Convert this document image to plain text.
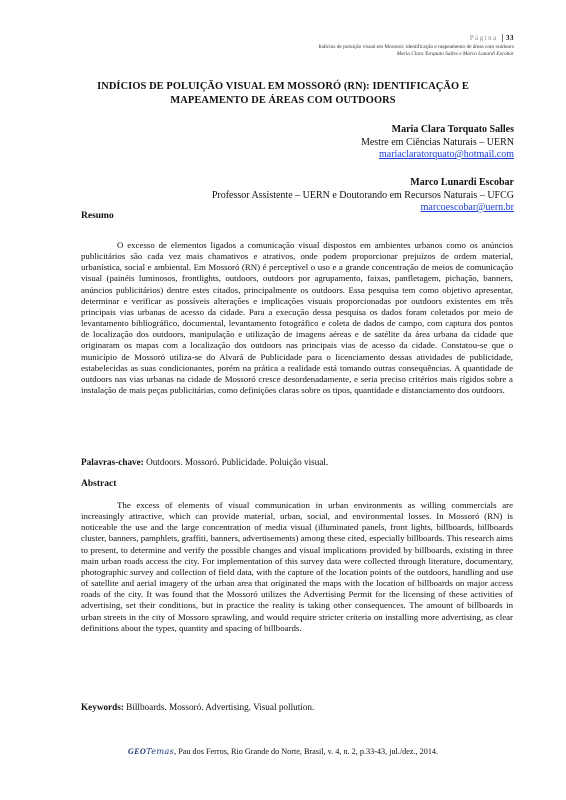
Página 33
Indícios de poluição visual em Mossoró: identificação e mapeamento de áreas com outdoors
Maria Clara Torquato Salles e Marco Lunardi Escobar
INDÍCIOS DE POLUIÇÃO VISUAL EM MOSSORÓ (RN): IDENTIFICAÇÃO E
MAPEAMENTO DE ÁREAS COM OUTDOORS
Maria Clara Torquato Salles
Mestre em Ciências Naturais – UERN
mariaclaratorquato@hotmail.com
Marco Lunardi Escobar
Professor Assistente – UERN e Doutorando em Recursos Naturais – UFCG
marcoescobar@uern.br
Resumo
O excesso de elementos ligados a comunicação visual dispostos em ambientes urbanos como os anúncios publicitários são cada vez mais chamativos e atrativos, onde podem proporcionar prejuízos de ordem material, urbanística, social e ambiental. Em Mossoró (RN) é perceptível o uso e a grande concentração de meios de comunicação visual (painéis luminosos, frontlights, outdoors, outdoors por agrupamento, faixas, panfletagem, pichação, banners, anúncios publicitários) dentre estes citados, principalmente os outdoors. Essa pesquisa tem como objetivo apresentar, determinar e verificar as possíveis alterações e implicações visuais proporcionadas por outdoors existentes em três principais vias urbanas de acesso da cidade. Para a execução dessa pesquisa os dados foram coletados por meio de levantamento bibliográfico, documental, levantamento fotográfico e coleta de dados de campo, com captura dos pontos de localização dos outdoors, manipulação e utilização de imagens aéreas e de satélite da área urbana da cidade que originaram os mapas com a localização dos outdoors nas principais vias de acesso da cidade. Constatou-se que o município de Mossoró utiliza-se do Alvará de Publicidade para o licenciamento dessas atividades de publicidade, estabelecidas as suas condicionantes, porém na prática a realidade está tomando outras consequências. A quantidade de outdoors nas vias urbanas na cidade de Mossoró cresce desordenadamente, e seria preciso critérios mais rígidos sobre a instalação de mais peças publicitárias, como definições claras sobre os tipos, quantidade e distanciamento dos outdoors.
Palavras-chave: Outdoors. Mossoró. Publicidade. Poluição visual.
Abstract
The excess of elements of visual communication in urban environments as willing commercials are increasingly attractive, which can provide material, urban, social, and environmental losses. In Mossoró (RN) is noticeable the use and the large concentration of media visual (illuminated panels, front lights, billboards, billboards cluster, banners, pamphlets, graffiti, banners, advertisements) among these cited, especially billboards. This research aims to present, to determine and verify the possible changes and visual implications provided by billboards, existing in three main urban roads access the city. For implementation of this survey data were collected through literature, documentary, photographic survey and collection of field data, with the capture of the location points of the outdoors, handling and use of satellite and aerial imagery of the urban area that originated the maps with the location of billboards on major access roads of the city. It was found that the Mossoró utilizes the Advertising Permit for the licensing of these activities of advertising, set their conditions, but in practice the reality is taking other consequences. The amount of billboards in urban streets in the city of Mossoro sprawling, and would require stricter criteria on installing more advertising, as clear definitions about the types, quantity and spacing of billboards.
Keywords: Billboards. Mossoró. Advertising. Visual pollution.
GEOTemas, Pau dos Ferros, Rio Grande do Norte, Brasil, v. 4, n. 2, p.33-43, jul./dez., 2014.
